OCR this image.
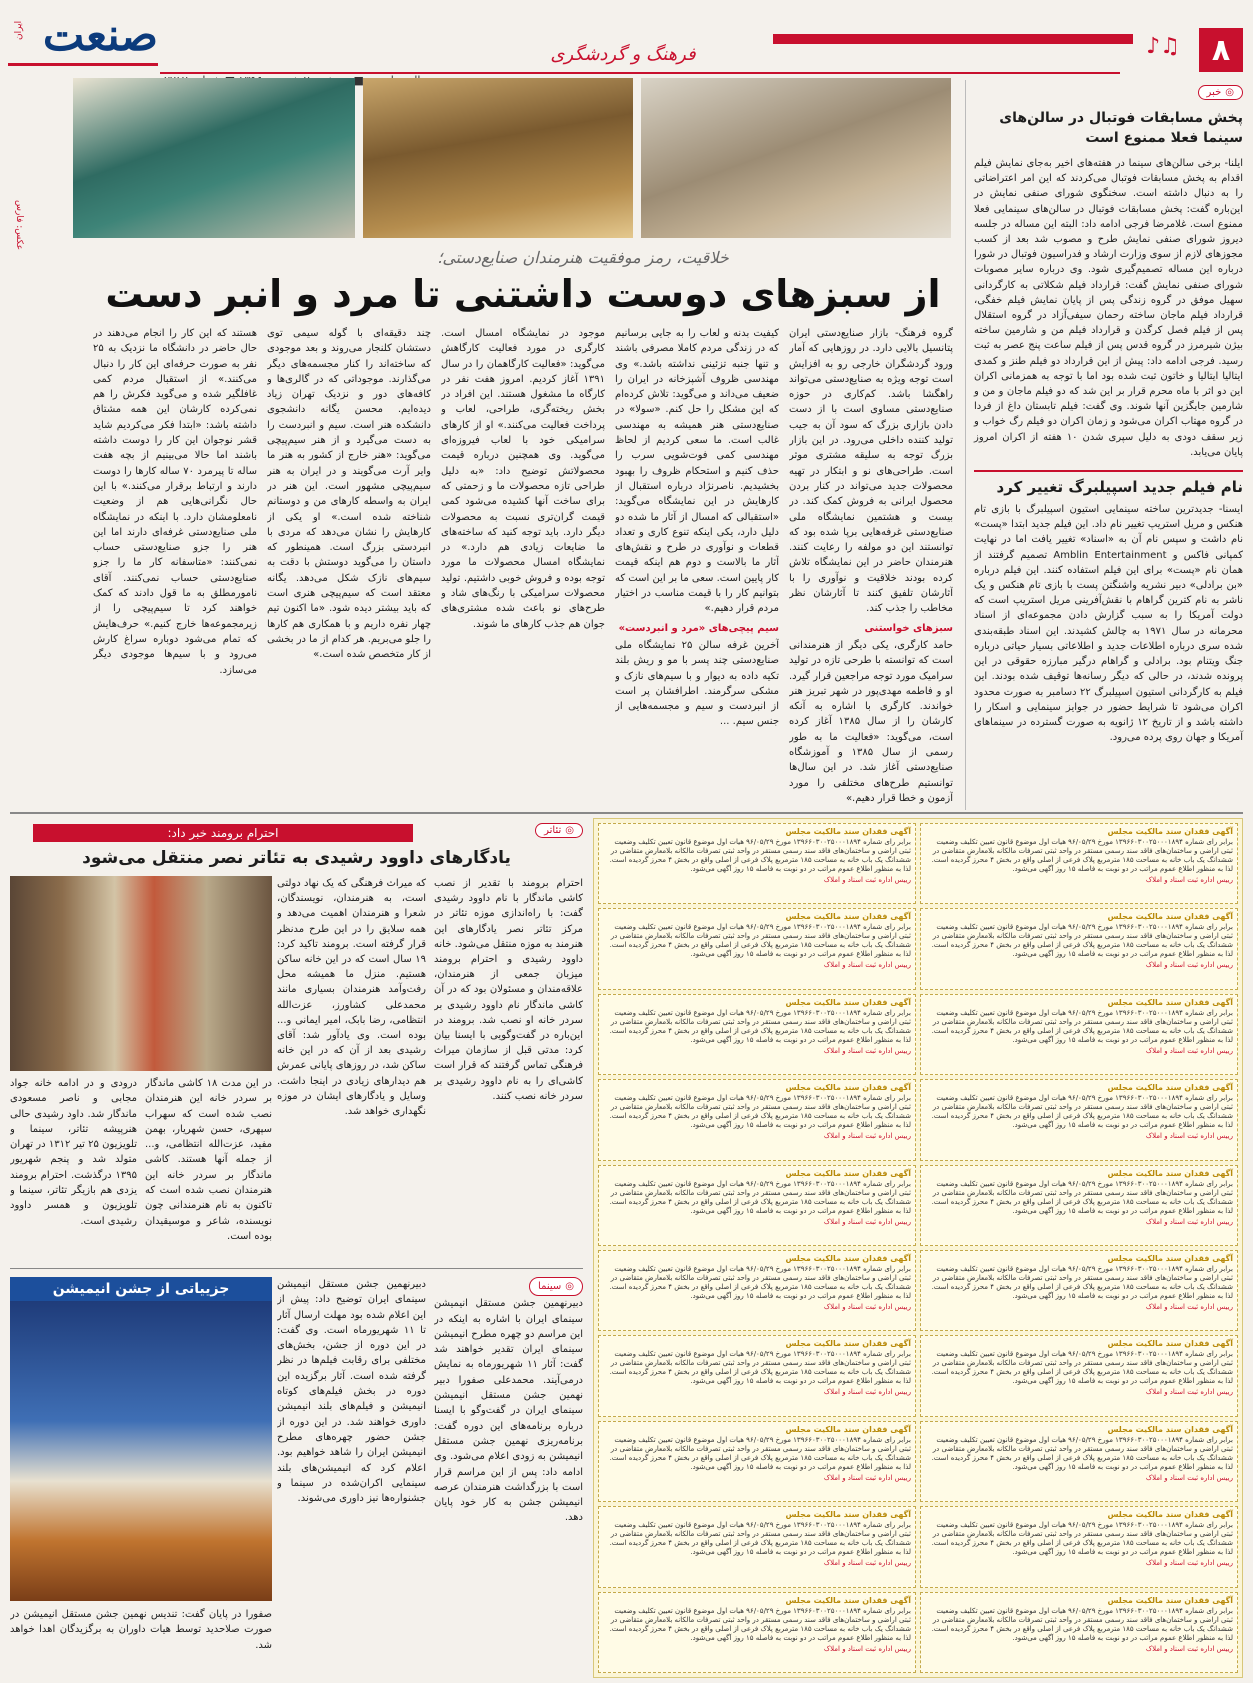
۸
♫♪
فرهنگ و گردشگری
صنعت
ایران
■
◎
خبر
پخش مسابقات فوتبال در سالن‌های سینما فعلا ممنوع است

ایلنا- برخی سالن‌های سینما در هفته‌های اخیر به‌جای نمایش فیلم اقدام به پخش مسابقات فوتبال می‌کردند که این امر اعتراضاتی را به دنبال داشته است. سخنگوی شورای صنفی نمایش در این‌باره گفت: پخش مسابقات فوتبال در سالن‌های سینمایی فعلا ممنوع است. غلامرضا فرجی ادامه داد: البته این مساله در جلسه دیروز شورای صنفی نمایش طرح و مصوب شد بعد از کسب مجوزهای لازم از سوی وزارت ارشاد و فدراسیون فوتبال در شورا درباره این مساله تصمیم‌گیری شود. وی درباره سایر مصوبات شورای صنفی نمایش گفت: قرارداد فیلم شکلاتی به کارگردانی سهیل موفق در گروه زندگی پس از پایان نمایش فیلم خفگی، قرارداد فیلم ماجان ساخته رحمان سیفی‌آزاد در گروه استقلال پس از فیلم فصل کرگدن و قرارداد فیلم من و شارمین ساخته بیژن شیرمرز در گروه قدس پس از فیلم ساعت پنج عصر به ثبت رسید. فرجی ادامه داد: پیش از این قرارداد دو فیلم طنز و کمدی ایتالیا ایتالیا و خاتون ثبت شده بود اما با توجه به همزمانی اکران این دو اثر با ماه محرم قرار بر این شد که دو فیلم ماجان و من و شارمین جایگزین آنها شوند. وی گفت: فیلم تابستان داغ از فردا در گروه مهتاب اکران می‌شود و زمان اکران دو فیلم رگ خواب و زیر سقف دودی به دلیل سپری شدن ۱۰ هفته از اکران امروز پایان می‌یابد.

نام فیلم جدید اسپیلبرگ تغییر کرد

ایسنا- جدیدترین ساخته سینمایی استیون اسپیلبرگ با بازی تام هنکس و مریل استریپ تغییر نام داد. این فیلم جدید ابتدا «پست» نام داشت و سپس نام آن به «اسناد» تغییر یافت اما در نهایت کمپانی فاکس و Amblin Entertainment تصمیم گرفتند از همان نام «پست» برای این فیلم استفاده کنند. این فیلم درباره «بن برادلی» دبیر نشریه واشنگتن پست با بازی تام هنکس و یک ناشر به نام کترین گراهام با نقش‌آفرینی مریل استریپ است که دولت آمریکا را به سبب گزارش دادن مجموعه‌ای از اسناد محرمانه در سال ۱۹۷۱ به چالش کشیدند. این اسناد طبقه‌بندی شده سری درباره اطلاعات جدید و اطلاعاتی بسیار حیاتی درباره جنگ ویتنام بود. برادلی و گراهام درگیر مبارزه حقوقی در این پرونده شدند، در حالی که دیگر رسانه‌ها توقیف شده بودند. این فیلم به کارگردانی استیون اسپیلبرگ ۲۲ دسامبر به صورت محدود اکران می‌شود تا شرایط حضور در جوایز سینمایی و اسکار را داشته باشد و از تاریخ ۱۲ ژانویه به صورت گسترده در سینماهای آمریکا و جهان روی پرده می‌رود.

عکس: فارس
خلاقیت، رمز موفقیت هنرمندان صنایع‌دستی؛
از سبزهای دوست داشتنی تا مرد و انبر دست
گروه فرهنگ- بازار صنایع‌دستی ایران پتانسیل بالایی دارد. در روزهایی که آمار ورود گردشگران خارجی رو به افزایش است توجه ویژه به صنایع‌دستی می‌تواند راهگشا باشد. کم‌کاری در حوزه صنایع‌دستی مساوی است با از دست دادن بازاری بزرگ که سود آن به جیب تولید کننده داخلی می‌رود. در این بازار بزرگ توجه به سلیقه مشتری موثر است. طراحی‌های نو و ابتکار در تهیه محصولات جدید می‌تواند در کنار بردن محصول ایرانی به فروش کمک کند. در بیست و هشتمین نمایشگاه ملی صنایع‌دستی غرفه‌هایی برپا شده بود که توانستند این دو مولفه را رعایت کنند. هنرمندان حاضر در این نمایشگاه تلاش کرده بودند خلاقیت و نوآوری را با آثارشان تلفیق کنند تا آثارشان نظر مخاطب را جذب کند.
سبزهای خواستنی
حامد کارگری، یکی دیگر از هنرمندانی است که توانسته با طرحی تازه در تولید سرامیک مورد توجه مراجعین قرار گیرد. او و فاطمه مهدی‌پور در شهر تبریز هنر خواندند. کارگری با اشاره به آنکه کارشان را از سال ۱۳۸۵ آغاز کرده است، می‌گوید: «فعالیت ما به طور رسمی از سال ۱۳۸۵ و آموزشگاه صنایع‌دستی آغاز شد. در این سال‌ها توانستیم طرح‌های مختلفی را مورد آزمون و خطا قرار دهیم.»
کیفیت بدنه و لعاب را به جایی برسانیم که در زندگی مردم کاملا مصرفی باشند و تنها جنبه تزئینی نداشته باشد.» وی مهندسی ظروف آشپزخانه در ایران را ضعیف می‌داند و می‌گوید: تلاش کرده‌ام که این مشکل را حل کنم. «سولا» در صنایع‌دستی هنر همیشه به مهندسی غالب است. ما سعی کردیم از لحاظ مهندسی کمی فوت‌شویی سرب را حذف کنیم و استحکام ظروف را بهبود بخشیدیم. ناصرنژاد درباره استقبال از کارهایش در این نمایشگاه می‌گوید: «استقبالی که امسال از آثار ما شده دو دلیل دارد، یکی اینکه تنوع کاری و تعداد قطعات و نوآوری در طرح و نقش‌های آثار ما بالاست و دوم هم اینکه قیمت کار پایین است. سعی ما بر این است که بتوانیم کار را با قیمت مناسب در اختیار مردم قرار دهیم.»
سیم پیچی‌های «مرد و انبردست»
آخرین غرفه سالن ۲۵ نمایشگاه ملی صنایع‌دستی چند پسر با مو و ریش بلند تکیه داده به دیوار و با سیم‌های نازک و مشکی سرگرمند. اطرافشان پر است از انبردست و سیم و مجسمه‌هایی از جنس سیم. ...
موجود در نمایشگاه امسال است. کارگری در مورد فعالیت کارگاهش می‌گوید: «فعالیت کارگاهمان را در سال ۱۳۹۱ آغاز کردیم. امروز هفت نفر در کارگاه ما مشغول هستند. این افراد در بخش ریخته‌گری، طراحی، لعاب و پرداخت فعالیت می‌کنند.» او از کارهای سرامیکی خود با لعاب فیروزه‌ای می‌گوید. وی همچنین درباره قیمت محصولاتش توضیح داد: «به دلیل طراحی تازه محصولات ما و زحمتی که برای ساخت آنها کشیده می‌شود کمی قیمت گران‌تری نسبت به محصولات دیگر دارد. باید توجه کنید که ساخته‌های ما ضایعات زیادی هم دارد.» در نمایشگاه امسال محصولات ما مورد توجه بوده و فروش خوبی داشتیم. تولید محصولات سرامیکی با رنگ‌های شاد و طرح‌های نو باعث شده مشتری‌های جوان هم جذب کارهای ما شوند.
چند دقیقه‌ای با گوله سیمی توی دستشان کلنجار می‌روند و بعد موجودی که ساخته‌اند را کنار مجسمه‌های دیگر می‌گذارند. موجوداتی که در گالری‌ها و کافه‌های دور و نزدیک تهران زیاد دیده‌ایم. محسن یگانه دانشجوی دانشکده هنر است. سیم و انبردست را به دست می‌گیرد و از هنر سیم‌پیچی می‌گوید: «هنر خارج از کشور به هنر ما وایر آرت می‌گویند و در ایران به هنر سیم‌پیچی مشهور است. این هنر در ایران به واسطه کارهای من و دوستانم شناخته شده است.» او یکی از کارهایش را نشان می‌دهد که مردی با انبردستی بزرگ است. همینطور که داستان را می‌گوید دوستش با دقت به سیم‌های نازک شکل می‌دهد. یگانه معتقد است که سیم‌پیچی هنری است که باید بیشتر دیده شود. «ما اکنون تیم چهار نفره داریم و با همکاری هم کارها را جلو می‌بریم. هر کدام از ما در بخشی از کار متخصص شده است.»
هستند که این کار را انجام می‌دهند در حال حاضر در دانشگاه ما نزدیک به ۲۵ نفر به صورت حرفه‌ای این کار را دنبال می‌کنند.» از استقبال مردم کمی غافلگیر شده و می‌گوید فکرش را هم نمی‌کرده کارشان این همه مشتاق داشته باشد: «ابتدا فکر می‌کردیم شاید قشر نوجوان این کار را دوست داشته باشند اما حالا می‌بینیم از بچه هفت ساله تا پیرمرد ۷۰ ساله کارها را دوست دارند و ارتباط برقرار می‌کنند.» با این حال نگرانی‌هایی هم از وضعیت نامعلومشان دارد. با اینکه در نمایشگاه ملی صنایع‌دستی غرفه‌ای دارند اما این هنر را جزو صنایع‌دستی حساب نمی‌کنند: «متاسفانه کار ما را جزو صنایع‌دستی حساب نمی‌کنند. آقای نامورمطلق به ما قول دادند که کمک خواهند کرد تا سیم‌پیچی را از زیرمجموعه‌ها خارج کنیم.» حرف‌هایش که تمام می‌شود دوباره سراغ کارش می‌رود و با سیم‌ها موجودی دیگر می‌سازد.
آگهی فقدان سند مالکیت مجلس
برابر رای شماره ۱۳۹۶۶۰۳۰۰۲۵۰۰۰۱۸۹۴ مورخ ۹۶/۰۵/۲۹ هیات اول موضوع قانون تعیین تکلیف وضعیت ثبتی اراضی و ساختمان‌های فاقد سند رسمی مستقر در واحد ثبتی تصرفات مالکانه بلامعارض متقاضی در ششدانگ یک باب خانه به مساحت ۱۸۵ مترمربع پلاک فرعی از اصلی واقع در بخش ۴ محرز گردیده است. لذا به منظور اطلاع عموم مراتب در دو نوبت به فاصله ۱۵ روز آگهی می‌شود.
رییس اداره ثبت اسناد و املاک
آگهی فقدان سند مالکیت مجلس
برابر رای شماره ۱۳۹۶۶۰۳۰۰۲۵۰۰۰۱۸۹۴ مورخ ۹۶/۰۵/۲۹ هیات اول موضوع قانون تعیین تکلیف وضعیت ثبتی اراضی و ساختمان‌های فاقد سند رسمی مستقر در واحد ثبتی تصرفات مالکانه بلامعارض متقاضی در ششدانگ یک باب خانه به مساحت ۱۸۵ مترمربع پلاک فرعی از اصلی واقع در بخش ۴ محرز گردیده است. لذا به منظور اطلاع عموم مراتب در دو نوبت به فاصله ۱۵ روز آگهی می‌شود.
رییس اداره ثبت اسناد و املاک
آگهی فقدان سند مالکیت مجلس
برابر رای شماره ۱۳۹۶۶۰۳۰۰۲۵۰۰۰۱۸۹۴ مورخ ۹۶/۰۵/۲۹ هیات اول موضوع قانون تعیین تکلیف وضعیت ثبتی اراضی و ساختمان‌های فاقد سند رسمی مستقر در واحد ثبتی تصرفات مالکانه بلامعارض متقاضی در ششدانگ یک باب خانه به مساحت ۱۸۵ مترمربع پلاک فرعی از اصلی واقع در بخش ۴ محرز گردیده است. لذا به منظور اطلاع عموم مراتب در دو نوبت به فاصله ۱۵ روز آگهی می‌شود.
رییس اداره ثبت اسناد و املاک
آگهی فقدان سند مالکیت مجلس
برابر رای شماره ۱۳۹۶۶۰۳۰۰۲۵۰۰۰۱۸۹۴ مورخ ۹۶/۰۵/۲۹ هیات اول موضوع قانون تعیین تکلیف وضعیت ثبتی اراضی و ساختمان‌های فاقد سند رسمی مستقر در واحد ثبتی تصرفات مالکانه بلامعارض متقاضی در ششدانگ یک باب خانه به مساحت ۱۸۵ مترمربع پلاک فرعی از اصلی واقع در بخش ۴ محرز گردیده است. لذا به منظور اطلاع عموم مراتب در دو نوبت به فاصله ۱۵ روز آگهی می‌شود.
رییس اداره ثبت اسناد و املاک
آگهی فقدان سند مالکیت مجلس
برابر رای شماره ۱۳۹۶۶۰۳۰۰۲۵۰۰۰۱۸۹۴ مورخ ۹۶/۰۵/۲۹ هیات اول موضوع قانون تعیین تکلیف وضعیت ثبتی اراضی و ساختمان‌های فاقد سند رسمی مستقر در واحد ثبتی تصرفات مالکانه بلامعارض متقاضی در ششدانگ یک باب خانه به مساحت ۱۸۵ مترمربع پلاک فرعی از اصلی واقع در بخش ۴ محرز گردیده است. لذا به منظور اطلاع عموم مراتب در دو نوبت به فاصله ۱۵ روز آگهی می‌شود.
رییس اداره ثبت اسناد و املاک
آگهی فقدان سند مالکیت مجلس
برابر رای شماره ۱۳۹۶۶۰۳۰۰۲۵۰۰۰۱۸۹۴ مورخ ۹۶/۰۵/۲۹ هیات اول موضوع قانون تعیین تکلیف وضعیت ثبتی اراضی و ساختمان‌های فاقد سند رسمی مستقر در واحد ثبتی تصرفات مالکانه بلامعارض متقاضی در ششدانگ یک باب خانه به مساحت ۱۸۵ مترمربع پلاک فرعی از اصلی واقع در بخش ۴ محرز گردیده است. لذا به منظور اطلاع عموم مراتب در دو نوبت به فاصله ۱۵ روز آگهی می‌شود.
رییس اداره ثبت اسناد و املاک
آگهی فقدان سند مالکیت مجلس
برابر رای شماره ۱۳۹۶۶۰۳۰۰۲۵۰۰۰۱۸۹۴ مورخ ۹۶/۰۵/۲۹ هیات اول موضوع قانون تعیین تکلیف وضعیت ثبتی اراضی و ساختمان‌های فاقد سند رسمی مستقر در واحد ثبتی تصرفات مالکانه بلامعارض متقاضی در ششدانگ یک باب خانه به مساحت ۱۸۵ مترمربع پلاک فرعی از اصلی واقع در بخش ۴ محرز گردیده است. لذا به منظور اطلاع عموم مراتب در دو نوبت به فاصله ۱۵ روز آگهی می‌شود.
رییس اداره ثبت اسناد و املاک
آگهی فقدان سند مالکیت مجلس
برابر رای شماره ۱۳۹۶۶۰۳۰۰۲۵۰۰۰۱۸۹۴ مورخ ۹۶/۰۵/۲۹ هیات اول موضوع قانون تعیین تکلیف وضعیت ثبتی اراضی و ساختمان‌های فاقد سند رسمی مستقر در واحد ثبتی تصرفات مالکانه بلامعارض متقاضی در ششدانگ یک باب خانه به مساحت ۱۸۵ مترمربع پلاک فرعی از اصلی واقع در بخش ۴ محرز گردیده است. لذا به منظور اطلاع عموم مراتب در دو نوبت به فاصله ۱۵ روز آگهی می‌شود.
رییس اداره ثبت اسناد و املاک
آگهی فقدان سند مالکیت مجلس
برابر رای شماره ۱۳۹۶۶۰۳۰۰۲۵۰۰۰۱۸۹۴ مورخ ۹۶/۰۵/۲۹ هیات اول موضوع قانون تعیین تکلیف وضعیت ثبتی اراضی و ساختمان‌های فاقد سند رسمی مستقر در واحد ثبتی تصرفات مالکانه بلامعارض متقاضی در ششدانگ یک باب خانه به مساحت ۱۸۵ مترمربع پلاک فرعی از اصلی واقع در بخش ۴ محرز گردیده است. لذا به منظور اطلاع عموم مراتب در دو نوبت به فاصله ۱۵ روز آگهی می‌شود.
رییس اداره ثبت اسناد و املاک
آگهی فقدان سند مالکیت مجلس
برابر رای شماره ۱۳۹۶۶۰۳۰۰۲۵۰۰۰۱۸۹۴ مورخ ۹۶/۰۵/۲۹ هیات اول موضوع قانون تعیین تکلیف وضعیت ثبتی اراضی و ساختمان‌های فاقد سند رسمی مستقر در واحد ثبتی تصرفات مالکانه بلامعارض متقاضی در ششدانگ یک باب خانه به مساحت ۱۸۵ مترمربع پلاک فرعی از اصلی واقع در بخش ۴ محرز گردیده است. لذا به منظور اطلاع عموم مراتب در دو نوبت به فاصله ۱۵ روز آگهی می‌شود.
رییس اداره ثبت اسناد و املاک
آگهی فقدان سند مالکیت مجلس
برابر رای شماره ۱۳۹۶۶۰۳۰۰۲۵۰۰۰۱۸۹۴ مورخ ۹۶/۰۵/۲۹ هیات اول موضوع قانون تعیین تکلیف وضعیت ثبتی اراضی و ساختمان‌های فاقد سند رسمی مستقر در واحد ثبتی تصرفات مالکانه بلامعارض متقاضی در ششدانگ یک باب خانه به مساحت ۱۸۵ مترمربع پلاک فرعی از اصلی واقع در بخش ۴ محرز گردیده است. لذا به منظور اطلاع عموم مراتب در دو نوبت به فاصله ۱۵ روز آگهی می‌شود.
رییس اداره ثبت اسناد و املاک
آگهی فقدان سند مالکیت مجلس
برابر رای شماره ۱۳۹۶۶۰۳۰۰۲۵۰۰۰۱۸۹۴ مورخ ۹۶/۰۵/۲۹ هیات اول موضوع قانون تعیین تکلیف وضعیت ثبتی اراضی و ساختمان‌های فاقد سند رسمی مستقر در واحد ثبتی تصرفات مالکانه بلامعارض متقاضی در ششدانگ یک باب خانه به مساحت ۱۸۵ مترمربع پلاک فرعی از اصلی واقع در بخش ۴ محرز گردیده است. لذا به منظور اطلاع عموم مراتب در دو نوبت به فاصله ۱۵ روز آگهی می‌شود.
رییس اداره ثبت اسناد و املاک
آگهی فقدان سند مالکیت مجلس
برابر رای شماره ۱۳۹۶۶۰۳۰۰۲۵۰۰۰۱۸۹۴ مورخ ۹۶/۰۵/۲۹ هیات اول موضوع قانون تعیین تکلیف وضعیت ثبتی اراضی و ساختمان‌های فاقد سند رسمی مستقر در واحد ثبتی تصرفات مالکانه بلامعارض متقاضی در ششدانگ یک باب خانه به مساحت ۱۸۵ مترمربع پلاک فرعی از اصلی واقع در بخش ۴ محرز گردیده است. لذا به منظور اطلاع عموم مراتب در دو نوبت به فاصله ۱۵ روز آگهی می‌شود.
رییس اداره ثبت اسناد و املاک
آگهی فقدان سند مالکیت مجلس
برابر رای شماره ۱۳۹۶۶۰۳۰۰۲۵۰۰۰۱۸۹۴ مورخ ۹۶/۰۵/۲۹ هیات اول موضوع قانون تعیین تکلیف وضعیت ثبتی اراضی و ساختمان‌های فاقد سند رسمی مستقر در واحد ثبتی تصرفات مالکانه بلامعارض متقاضی در ششدانگ یک باب خانه به مساحت ۱۸۵ مترمربع پلاک فرعی از اصلی واقع در بخش ۴ محرز گردیده است. لذا به منظور اطلاع عموم مراتب در دو نوبت به فاصله ۱۵ روز آگهی می‌شود.
رییس اداره ثبت اسناد و املاک
آگهی فقدان سند مالکیت مجلس
برابر رای شماره ۱۳۹۶۶۰۳۰۰۲۵۰۰۰۱۸۹۴ مورخ ۹۶/۰۵/۲۹ هیات اول موضوع قانون تعیین تکلیف وضعیت ثبتی اراضی و ساختمان‌های فاقد سند رسمی مستقر در واحد ثبتی تصرفات مالکانه بلامعارض متقاضی در ششدانگ یک باب خانه به مساحت ۱۸۵ مترمربع پلاک فرعی از اصلی واقع در بخش ۴ محرز گردیده است. لذا به منظور اطلاع عموم مراتب در دو نوبت به فاصله ۱۵ روز آگهی می‌شود.
رییس اداره ثبت اسناد و املاک
آگهی فقدان سند مالکیت مجلس
برابر رای شماره ۱۳۹۶۶۰۳۰۰۲۵۰۰۰۱۸۹۴ مورخ ۹۶/۰۵/۲۹ هیات اول موضوع قانون تعیین تکلیف وضعیت ثبتی اراضی و ساختمان‌های فاقد سند رسمی مستقر در واحد ثبتی تصرفات مالکانه بلامعارض متقاضی در ششدانگ یک باب خانه به مساحت ۱۸۵ مترمربع پلاک فرعی از اصلی واقع در بخش ۴ محرز گردیده است. لذا به منظور اطلاع عموم مراتب در دو نوبت به فاصله ۱۵ روز آگهی می‌شود.
رییس اداره ثبت اسناد و املاک
آگهی فقدان سند مالکیت مجلس
برابر رای شماره ۱۳۹۶۶۰۳۰۰۲۵۰۰۰۱۸۹۴ مورخ ۹۶/۰۵/۲۹ هیات اول موضوع قانون تعیین تکلیف وضعیت ثبتی اراضی و ساختمان‌های فاقد سند رسمی مستقر در واحد ثبتی تصرفات مالکانه بلامعارض متقاضی در ششدانگ یک باب خانه به مساحت ۱۸۵ مترمربع پلاک فرعی از اصلی واقع در بخش ۴ محرز گردیده است. لذا به منظور اطلاع عموم مراتب در دو نوبت به فاصله ۱۵ روز آگهی می‌شود.
رییس اداره ثبت اسناد و املاک
آگهی فقدان سند مالکیت مجلس
برابر رای شماره ۱۳۹۶۶۰۳۰۰۲۵۰۰۰۱۸۹۴ مورخ ۹۶/۰۵/۲۹ هیات اول موضوع قانون تعیین تکلیف وضعیت ثبتی اراضی و ساختمان‌های فاقد سند رسمی مستقر در واحد ثبتی تصرفات مالکانه بلامعارض متقاضی در ششدانگ یک باب خانه به مساحت ۱۸۵ مترمربع پلاک فرعی از اصلی واقع در بخش ۴ محرز گردیده است. لذا به منظور اطلاع عموم مراتب در دو نوبت به فاصله ۱۵ روز آگهی می‌شود.
رییس اداره ثبت اسناد و املاک
آگهی فقدان سند مالکیت مجلس
برابر رای شماره ۱۳۹۶۶۰۳۰۰۲۵۰۰۰۱۸۹۴ مورخ ۹۶/۰۵/۲۹ هیات اول موضوع قانون تعیین تکلیف وضعیت ثبتی اراضی و ساختمان‌های فاقد سند رسمی مستقر در واحد ثبتی تصرفات مالکانه بلامعارض متقاضی در ششدانگ یک باب خانه به مساحت ۱۸۵ مترمربع پلاک فرعی از اصلی واقع در بخش ۴ محرز گردیده است. لذا به منظور اطلاع عموم مراتب در دو نوبت به فاصله ۱۵ روز آگهی می‌شود.
رییس اداره ثبت اسناد و املاک
آگهی فقدان سند مالکیت مجلس
برابر رای شماره ۱۳۹۶۶۰۳۰۰۲۵۰۰۰۱۸۹۴ مورخ ۹۶/۰۵/۲۹ هیات اول موضوع قانون تعیین تکلیف وضعیت ثبتی اراضی و ساختمان‌های فاقد سند رسمی مستقر در واحد ثبتی تصرفات مالکانه بلامعارض متقاضی در ششدانگ یک باب خانه به مساحت ۱۸۵ مترمربع پلاک فرعی از اصلی واقع در بخش ۴ محرز گردیده است. لذا به منظور اطلاع عموم مراتب در دو نوبت به فاصله ۱۵ روز آگهی می‌شود.
رییس اداره ثبت اسناد و املاک
◎
تئاتر
احترام برومند خبر داد:
یادگارهای داوود رشیدی به تئاتر نصر منتقل می‌شود
احترام برومند با تقدیر از نصب کاشی ماندگار با نام داوود رشیدی گفت: با راه‌اندازی موزه تئاتر در مرکز تئاتر نصر یادگارهای این هنرمند به موزه منتقل می‌شود. خانه داوود رشیدی و احترام برومند میزبان جمعی از هنرمندان، علاقه‌مندان و مسئولان بود که در آن کاشی ماندگار نام داوود رشیدی بر سردر خانه او نصب شد. برومند در این‌باره در گفت‌وگویی با ایسنا بیان کرد: مدتی قبل از سازمان میراث فرهنگی تماس گرفتند که قرار است کاشی‌ای را به نام داوود رشیدی بر سردر خانه نصب کنند.
که میراث فرهنگی که یک نهاد دولتی است، به هنرمندان، نویسندگان، شعرا و هنرمندان اهمیت می‌دهد و همه سلایق را در این طرح مدنظر قرار گرفته است. برومند تاکید کرد: ۱۹ سال است که در این خانه ساکن هستیم. منزل ما همیشه محل رفت‌وآمد هنرمندان بسیاری مانند محمدعلی کشاورز، عزت‌الله انتظامی، رضا بابک، امیر ایمانی و... بوده است. وی یادآور شد: آقای رشیدی بعد از آن که در این خانه ساکن شد، در روزهای پایانی عمرش هم دیدارهای زیادی در اینجا داشت. وسایل و یادگارهای ایشان در موزه نگهداری خواهد شد.
در این مدت ۱۸ کاشی ماندگار بر سردر خانه این هنرمندان نصب شده است که سهراب سپهری، حسن شهریار، بهمن مفید، عزت‌الله انتظامی، و... از جمله آنها هستند. کاشی ماندگار بر سردر خانه این هنرمندان نصب شده است که تاکنون به نام هنرمندانی چون نویسنده، شاعر و موسیقیدان بوده است.
درودی و در ادامه خانه جواد مجابی و ناصر مسعودی ماندگار شد. داود رشیدی حالی هنرپیشه تئاتر، سینما و تلویزیون ۲۵ تیر ۱۳۱۲ در تهران متولد شد و پنجم شهریور ۱۳۹۵ درگذشت. احترام برومند یزدی هم بازیگر تئاتر، سینما و تلویزیون و همسر داوود رشیدی است.
جزییاتی از جشن انیمیشن	◎
سینما
دبیرنهمین جشن مستقل انیمیشن سینمای ایران با اشاره به اینکه در این مراسم دو چهره مطرح انیمیشن سینمای ایران تقدیر خواهند شد گفت: آثار ۱۱ شهریورماه به نمایش درمی‌آیند. محمدعلی صفورا دبیر نهمین جشن مستقل انیمیشن سینمای ایران در گفت‌وگو با ایسنا درباره برنامه‌های این دوره گفت: برنامه‌ریزی نهمین جشن مستقل انیمیشن به زودی اعلام می‌شود. وی ادامه داد: پس از این مراسم قرار است با بزرگداشت هنرمندان عرصه انیمیشن جشن به کار خود پایان دهد.
دبیرنهمین جشن مستقل انیمیشن سینمای ایران توضیح داد: پیش از این اعلام شده بود مهلت ارسال آثار تا ۱۱ شهریورماه است. وی گفت: در این دوره از جشن، بخش‌های مختلفی برای رقابت فیلم‌ها در نظر گرفته شده است. آثار برگزیده این دوره در بخش فیلم‌های کوتاه انیمیشن و فیلم‌های بلند انیمیشن داوری خواهند شد. در این دوره از جشن حضور چهره‌های مطرح انیمیشن ایران را شاهد خواهیم بود. اعلام کرد که انیمیشن‌های بلند سینمایی اکران‌شده در سینما و جشنواره‌ها نیز داوری می‌شوند.
صفورا در پایان گفت: تندیس نهمین جشن مستقل انیمیشن در صورت صلاحدید توسط هیات داوران به برگزیدگان اهدا خواهد شد.
